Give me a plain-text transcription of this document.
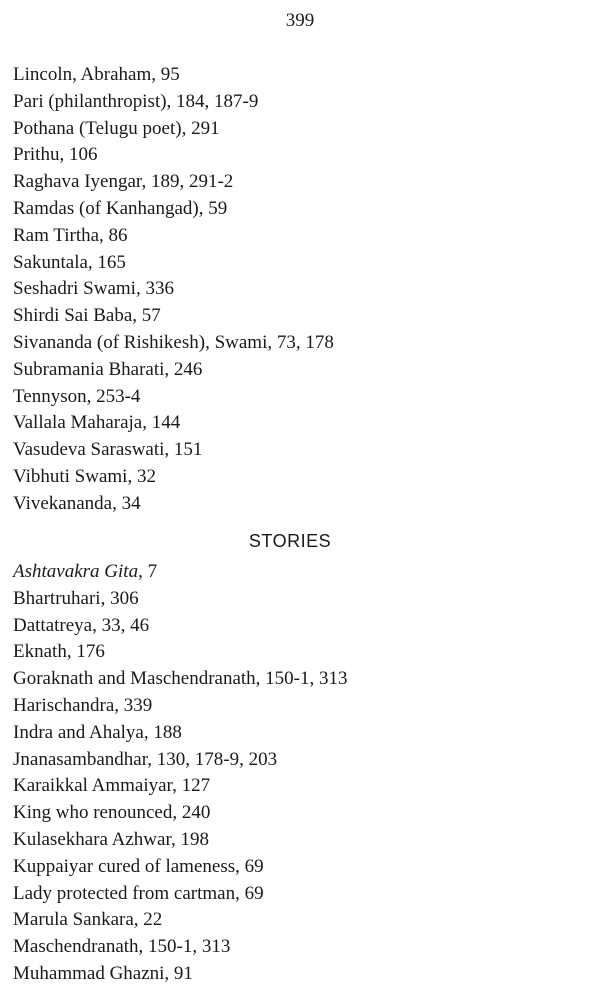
399
Lincoln, Abraham, 95
Pari (philanthropist), 184, 187-9
Pothana (Telugu poet), 291
Prithu, 106
Raghava Iyengar, 189, 291-2
Ramdas (of Kanhangad), 59
Ram Tirtha, 86
Sakuntala, 165
Seshadri Swami, 336
Shirdi Sai Baba, 57
Sivananda (of Rishikesh), Swami, 73, 178
Subramania Bharati, 246
Tennyson, 253-4
Vallala Maharaja, 144
Vasudeva Saraswati, 151
Vibhuti Swami, 32
Vivekananda, 34
STORIES
Ashtavakra Gita, 7
Bhartruhari, 306
Dattatreya, 33, 46
Eknath, 176
Goraknath and Maschendranath, 150-1, 313
Harischandra, 339
Indra and Ahalya, 188
Jnanasambandhar, 130, 178-9, 203
Karaikkal Ammaiyar, 127
King who renounced, 240
Kulasekhara Azhwar, 198
Kuppaiyar cured of lameness, 69
Lady protected from cartman, 69
Marula Sankara, 22
Maschendranath, 150-1, 313
Muhammad Ghazni, 91
